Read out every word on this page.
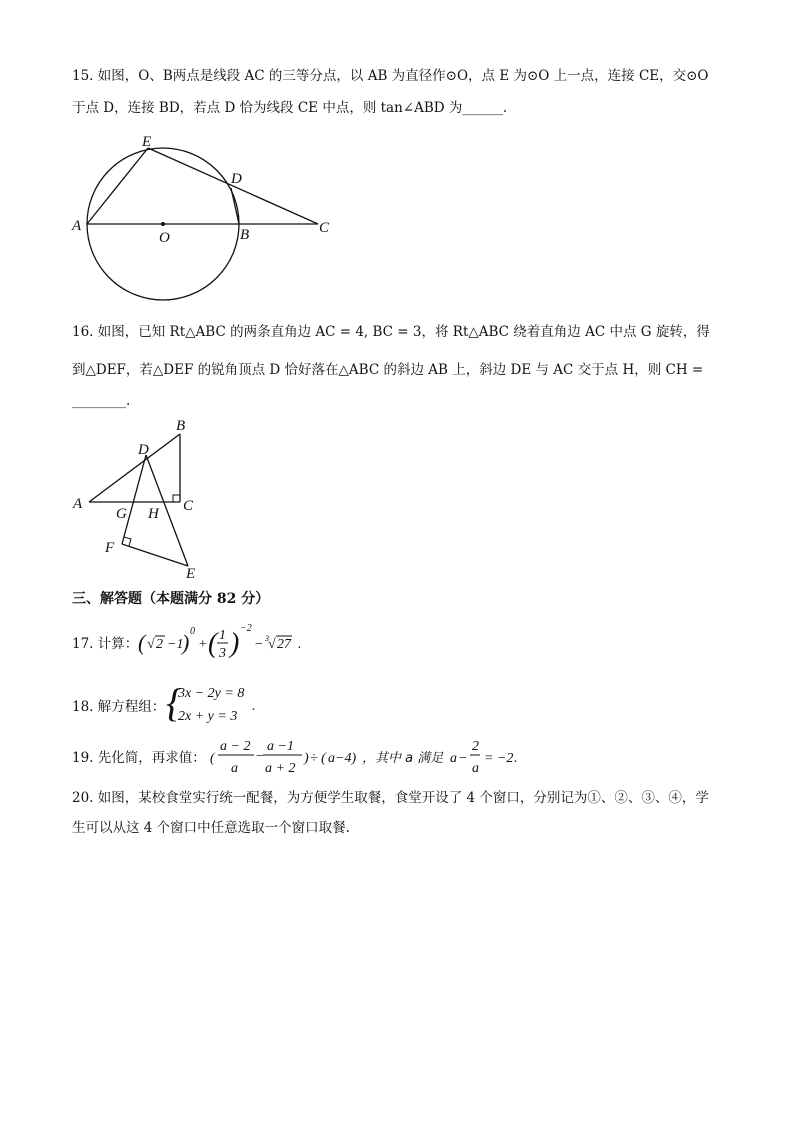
15. 如图，O、B两点是线段 AC 的三等分点，以 AB 为直径作⊙O，点 E 为⊙O 上一点，连接 CE，交⊙O
于点 D，连接 BD，若点 D 恰为线段 CE 中点，则 tan∠ABD 为______.
E
D
A
O	B	C
16. 如图，已知 Rt△ABC 的两条直角边 AC = 4, BC = 3，将 Rt△ABC 绕着直角边 AC 中点 G 旋转，得
到△DEF，若△DEF 的锐角顶点 D 恰好落在△ABC 的斜边 AB 上，斜边 DE 与 AC 交于点 H，则 CH =
________.
B
D
A
G H C
F
E
三、解答题（本题满分 82 分）
17. 计算： ( √ 2 −1
) 0
+ ( 1
3 ) −2
− 3 √ 27 .
18. 解方程组： {
3x − 2y = 8
2x + y = 3
.
19. 先化简，再求值： (
a − 2
a
−
a −1
a + 2
) ÷ ( a −4) ，其中 a 满足 a −
2
a
= −2 .
20. 如图，某校食堂实行统一配餐，为方便学生取餐，食堂开设了 4 个窗口，分别记为①、②、③、④，学
生可以从这 4 个窗口中任意选取一个窗口取餐.
